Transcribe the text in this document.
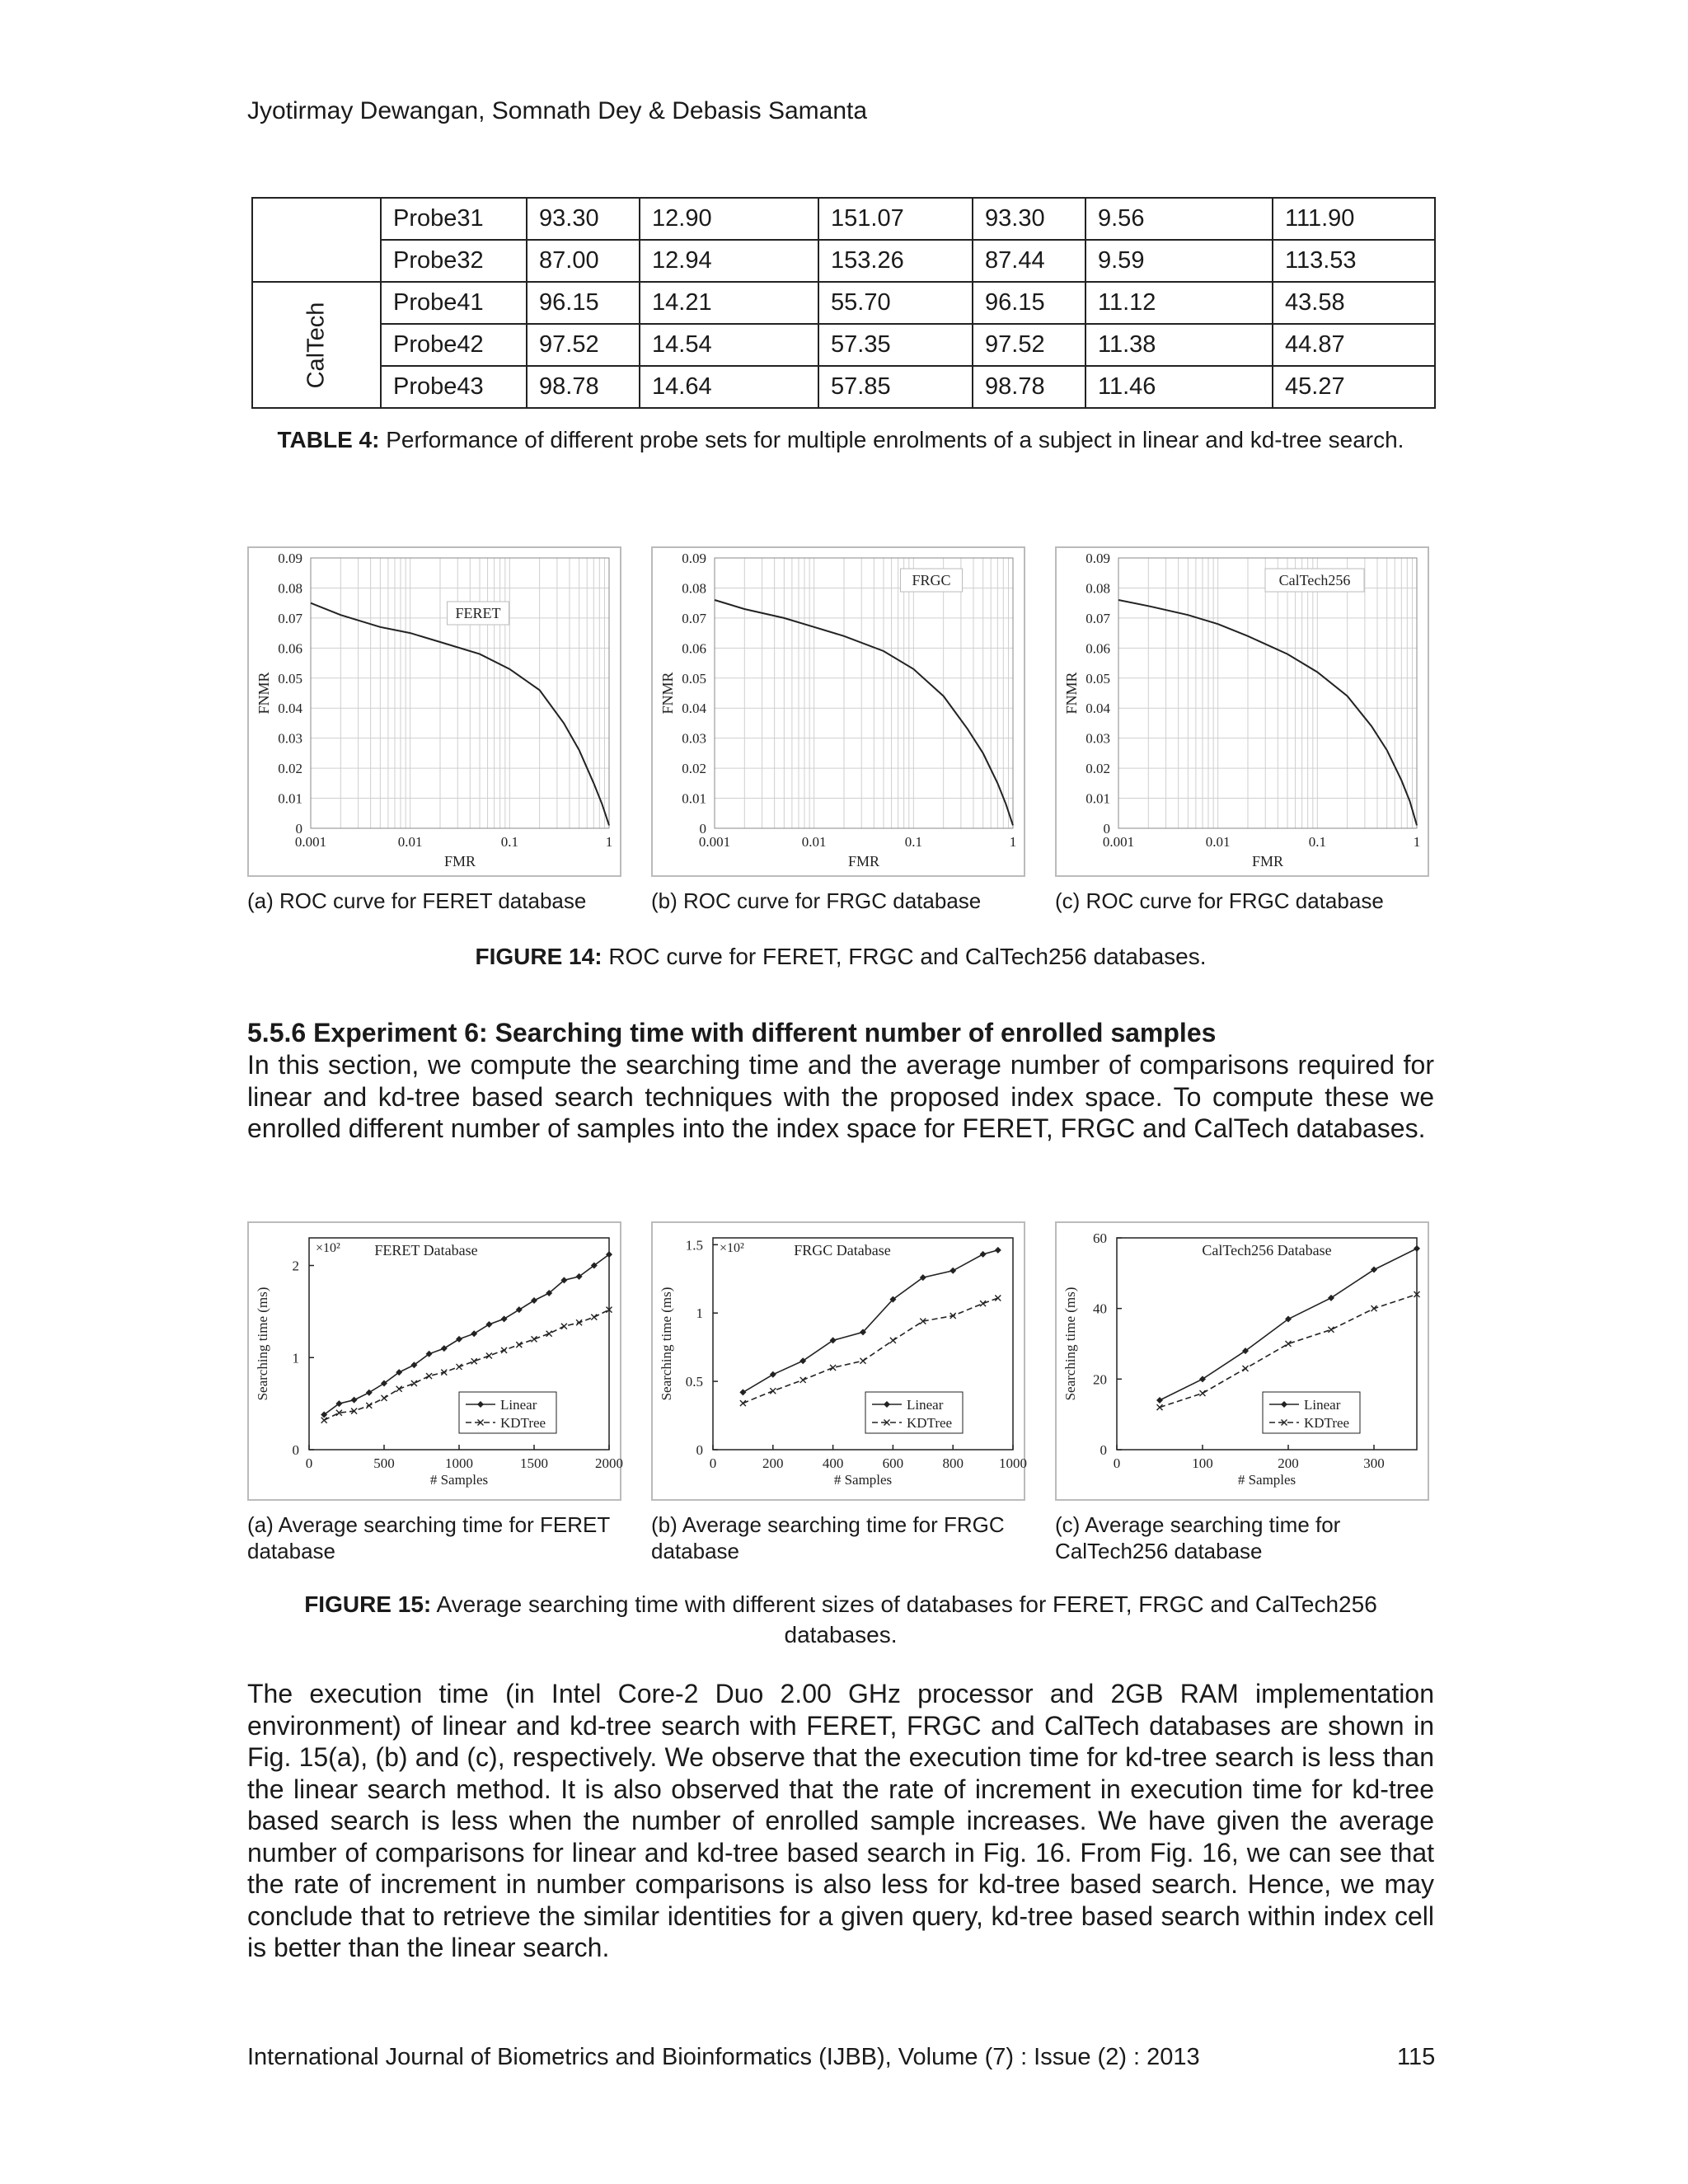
Jyotirmay Dewangan, Somnath Dey & Debasis Samanta
	Probe31	93.30	12.90	151.07	93.30	9.56	111.90
	Probe32	87.00	12.94	153.26	87.44	9.59	113.53

CalTech	Probe41	96.15	14.21	55.70	96.15	11.12	43.58
	Probe42	97.52	14.54	57.35	97.52	11.38	44.87
	Probe43	98.78	14.64	57.85	98.78	11.46	45.27
TABLE 4: Performance of different probe sets for multiple enrolments of a subject in linear and kd-tree search.
0
0.01
0.02
0.03
0.04
0.05
0.06
0.07
0.08
0.09
0.001	0.01	0.1	1
FMR
FNMR
FERET
0
0.01
0.02
0.03
0.04
0.05
0.06
0.07
0.08
0.09
0.001	0.01	0.1	1
FMR
FNMR
FRGC
0
0.01
0.02
0.03
0.04
0.05
0.06
0.07
0.08
0.09
0.001	0.01	0.1	1
FMR
FNMR
CalTech256
(a) ROC curve for FERET database	(b) ROC curve for FRGC database	(c) ROC curve for FRGC database
FIGURE 14: ROC curve for FERET, FRGC and CalTech256 databases.
5.5.6 Experiment 6: Searching time with different number of enrolled samples
In this section, we compute the searching time and the average number of comparisons required for linear and kd-tree based search techniques with the proposed index space. To compute these we enrolled different number of samples into the index space for FERET, FRGC and CalTech databases.
0	500	1000	1500	2000
0
1
2
# Samples
Searching time (ms)
×10² FERET Database
Linear
KDTree
0	200	400	600	800	1000
0
0.5
1
1.5
# Samples
Searching time (ms)
×10²	FRGC Database
Linear
KDTree
0	100	200	300
0
20
40
60
# Samples
Searching time (ms)
CalTech256 Database
Linear
KDTree
(a) Average searching time for FERET database
(b) Average searching time for FRGC database
(c) Average searching time for CalTech256 database
FIGURE 15: Average searching time with different sizes of databases for FERET, FRGC and CalTech256 databases.
The execution time (in Intel Core-2 Duo 2.00 GHz processor and 2GB RAM implementation environment) of linear and kd-tree search with FERET, FRGC and CalTech databases are shown in Fig. 15(a), (b) and (c), respectively. We observe that the execution time for kd-tree search is less than the linear search method. It is also observed that the rate of increment in execution time for kd-tree based search is less when the number of enrolled sample increases. We have given the average number of comparisons for linear and kd-tree based search in Fig. 16. From Fig. 16, we can see that the rate of increment in number comparisons is also less for kd-tree based search. Hence, we may conclude that to retrieve the similar identities for a given query, kd-tree based search within index cell is better than the linear search.
International Journal of Biometrics and Bioinformatics (IJBB), Volume (7) : Issue (2) : 2013	115
